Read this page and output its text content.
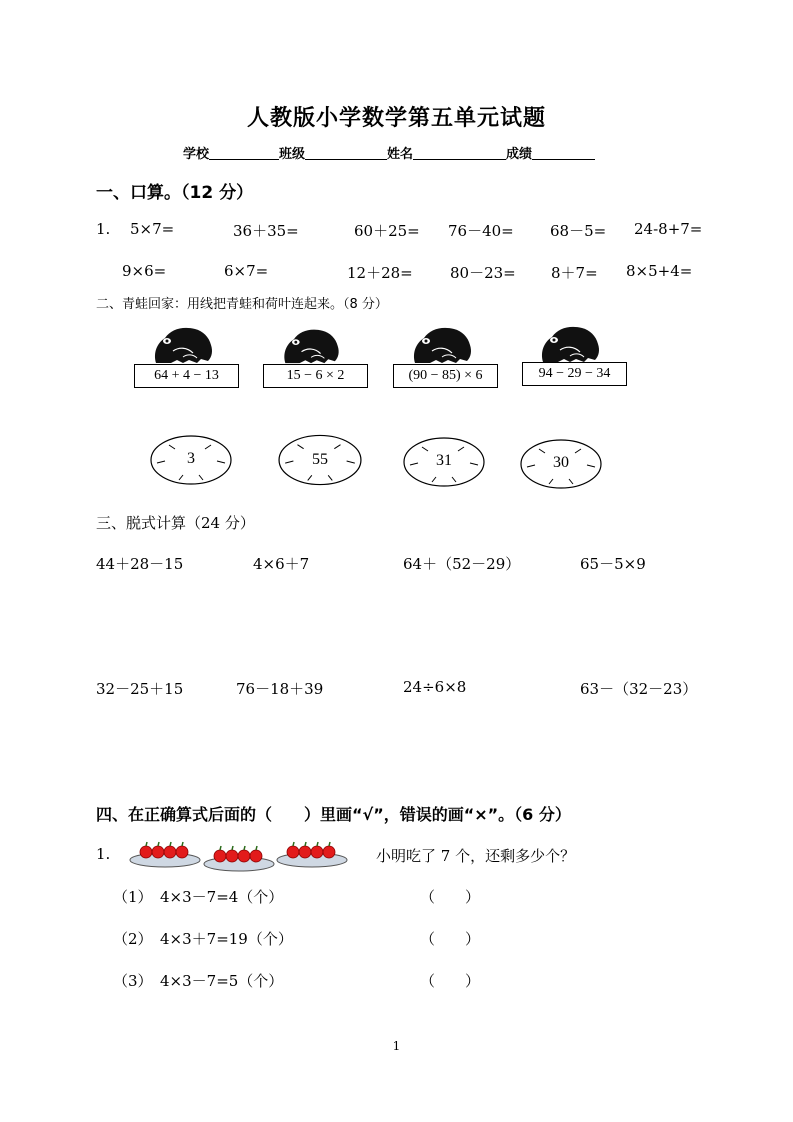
人教版小学数学第五单元试题
学校	班级	姓名	成绩
一、口算。（12 分）
1. 5×7=	36＋35=	60＋25= 76－40= 68－5= 24-8+7=
9×6=	6×7=	12＋28= 80－23= 8＋7= 8×5+4=
二、青蛙回家：用线把青蛙和荷叶连起来。（8 分）
64 + 4 − 13	15 − 6 × 2	(90 − 85) × 6	94 − 29 − 34
3	55	31	30
三、脱式计算（24 分）
44＋28－15	4×6＋7	64＋（52－29）	65－5×9
32－25＋15	76－18＋39	24÷6×8	63－（32－23）
四、在正确算式后面的（　　）里画“√”，错误的画“×”。（6 分）
1.	小明吃了 7 个，还剩多少个？
（1） 4×3－7=4（个）	（　　）
（2） 4×3＋7=19（个）	（　　）
（3） 4×3－7=5（个）	（　　）
1
